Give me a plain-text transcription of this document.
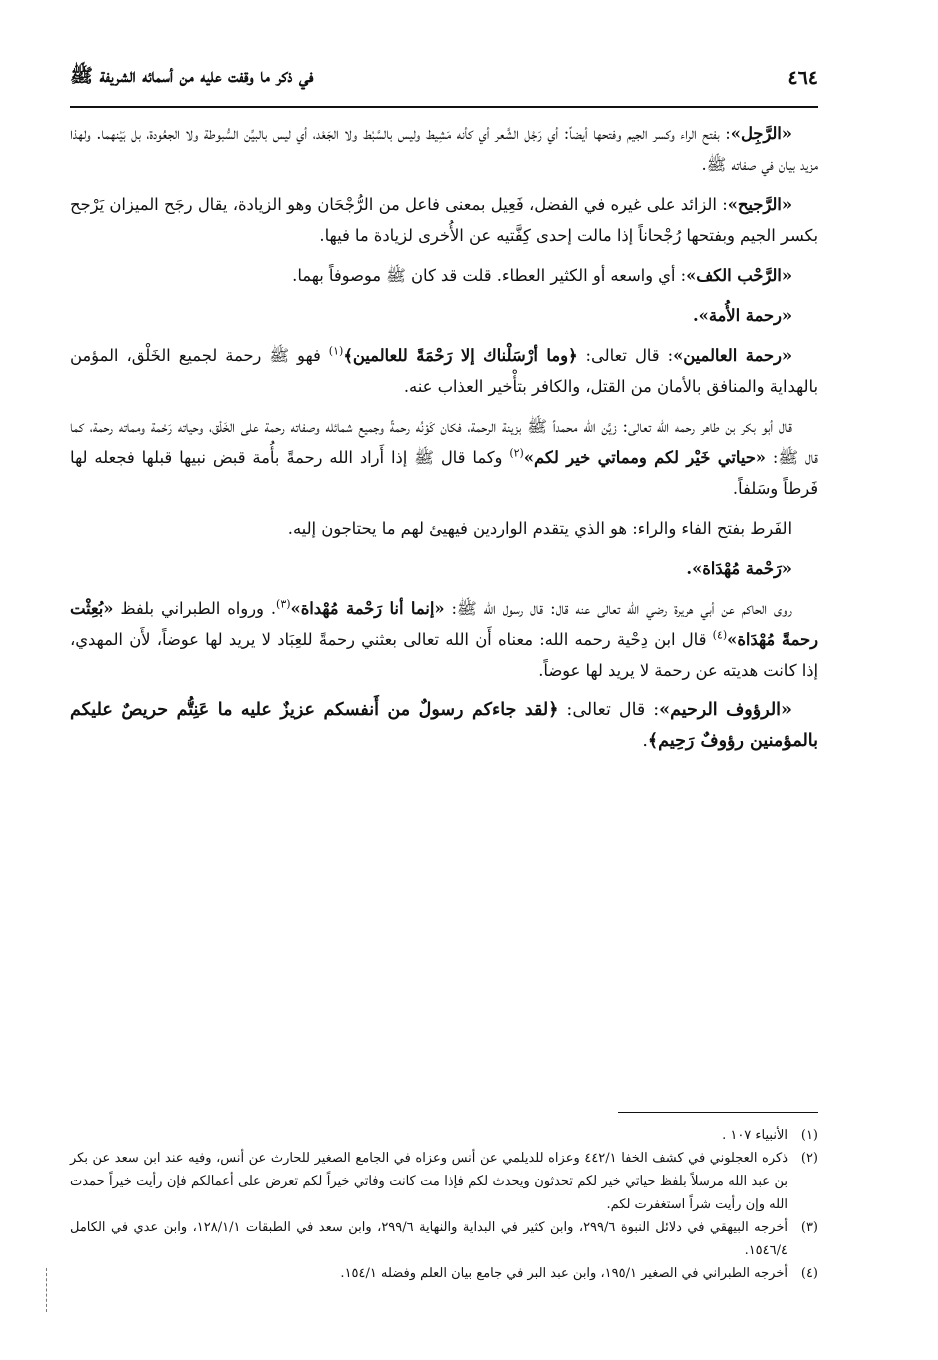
٤٦٤
في ذكر ما وقفت عليه من أسمائه الشريفة ﷺ

«الرَّجِل»: بفتح الراء وكسر الجيم وفتحها أيضاً: أي رَجْل الشَّعر أي كأنه مَشِيط وليس بالسَّبْط ولا الجَعْد، أي ليس بالبيِّن السُّبوطة ولا الجعُودة، بل بَيْنهما. ولهذا مزيد بيان في صفاته ﷺ.

«الرَّجيح»: الزائد على غيره في الفضل، فَعِيل بمعنى فاعل من الرُّجْحَان وهو الزيادة، يقال رجَح الميزان يَرْجح بكسر الجيم وبفتحها رُجْحاناً إذا مالت إحدى كِفَّتيه عن الأُخرى لزيادة ما فيها.

«الرَّحْب الكف»: أي واسعه أو الكثير العطاء. قلت قد كان ﷺ موصوفاً بهما.

«رحمة الأُمة».

«رحمة العالمين»: قال تعالى: ﴿وما أرْسَلْناك إلا رَحْمَةً للعالمين﴾$^{(١)}$ فهو ﷺ رحمة لجميع الخَلْق، المؤمن بالهداية والمنافق بالأمان من القتل، والكافر بتأْخير العذاب عنه.

قال أبو بكر بن طاهر رحمه الله تعالى: زيَّن الله محمداً ﷺ بزينة الرحمة، فكان كَوْنُه رحمةً وجميع شمائله وصفاته رحمة على الخَلْق، وحياته رَحْمة ومماته رحمة، كما قال ﷺ: «حياتي خَيْر لكم ومماتي خير لكم»$^{(٢)}$ وكما قال ﷺ إذا أَراد الله رحمةً بأُمة قبض نبيها قبلها فجعله لها فَرطاً وسَلفاً.

الفَرط بفتح الفاء والراء: هو الذي يتقدم الواردين فيهيئ لهم ما يحتاجون إليه.

«رَحْمة مُهْدَاة».

روى الحاكم عن أبي هريرة رضي الله تعالى عنه قال: قال رسول الله ﷺ: «إنما أنا رَحْمة مُهْداة»$^{(٣)}$. ورواه الطبراني بلفظ «بُعِثْت رحمةً مُهْدَاة»$^{(٤)}$ قال ابن دِحْية رحمه الله: معناه أَن الله تعالى بعثني رحمةً للعِبَاد لا يريد لها عوضاً، لأَن المهدي، إذا كانت هديته عن رحمة لا يريد لها عوضاً.

«الرؤوف الرحيم»: قال تعالى: ﴿لقد جاءكم رسولٌ من أَنفسكم عزيزٌ عليه ما عَنِتُّم حريصٌ عليكم بالمؤمنين رؤوفٌ رَحِيم﴾.

(١)الأنبياء ١٠٧ .

(٢)ذكره العجلوني في كشف الخفا ٤٤٢/١ وعزاه للديلمي عن أنس وعزاه في الجامع الصغير للحارث عن أنس، وفيه عند ابن سعد عن بكر بن عبد الله مرسلاً بلفظ حياتي خير لكم تحدثون ويحدث لكم فإذا مت كانت وفاتي خيراً لكم تعرض على أعمالكم فإن رأيت خيراً حمدت الله وإن رأيت شراً استغفرت لكم.

(٣)أخرجه البيهقي في دلائل النبوة ٢٩٩/٦، وابن كثير في البداية والنهاية ٢٩٩/٦، وابن سعد في الطبقات ١٢٨/١/١، وابن عدي في الكامل ١٥٤٦/٤.

(٤)أخرجه الطبراني في الصغير ١٩٥/١، وابن عبد البر في جامع بيان العلم وفضله ١٥٤/١.
